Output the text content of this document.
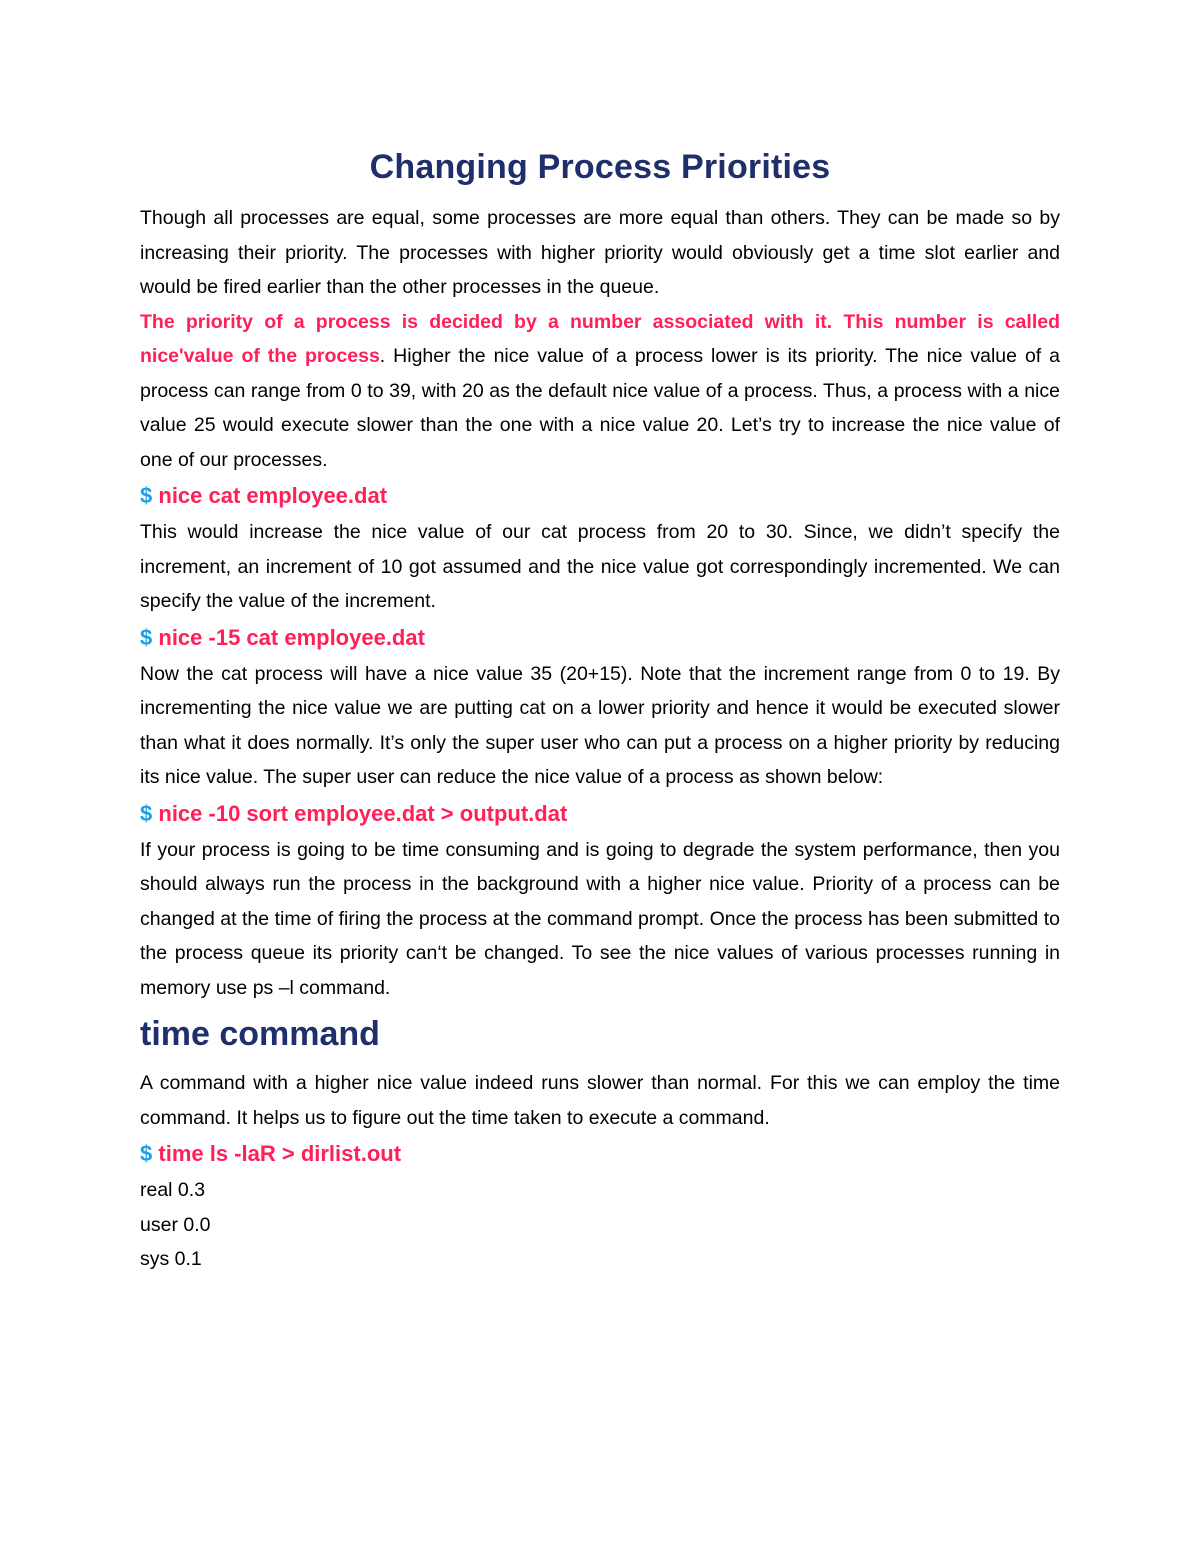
Changing Process Priorities

Though all processes are equal, some processes are more equal than others. They can be made so by increasing their priority. The processes with higher priority would obviously get a time slot earlier and would be fired earlier than the other processes in the queue.

The priority of a process is decided by a number associated with it. This number is called nice'value of the process. Higher the nice value of a process lower is its priority. The nice value of a process can range from 0 to 39, with 20 as the default nice value of a process. Thus, a process with a nice value 25 would execute slower than the one with a nice value 20. Let’s try to increase the nice value of one of our processes.

$ nice cat employee.dat

This would increase the nice value of our cat process from 20 to 30. Since, we didn’t specify the increment, an increment of 10 got assumed and the nice value got correspondingly incremented. We can specify the value of the increment.

$ nice -15 cat employee.dat

Now the cat process will have a nice value 35 (20+15). Note that the increment range from 0 to 19. By incrementing the nice value we are putting cat on a lower priority and hence it would be executed slower than what it does normally. It’s only the super user who can put a process on a higher priority by reducing its nice value. The super user can reduce the nice value of a process as shown below:

$ nice -10 sort employee.dat > output.dat

If your process is going to be time consuming and is going to degrade the system performance, then you should always run the process in the background with a higher nice value. Priority of a process can be changed at the time of firing the process at the command prompt. Once the process has been submitted to the process queue its priority can‘t be changed. To see the nice values of various processes running in memory use ps –l command.

time command

A command with a higher nice value indeed runs slower than normal. For this we can employ the time command. It helps us to figure out the time taken to execute a command.

$ time ls -laR > dirlist.out
real 0.3
user 0.0
sys 0.1
